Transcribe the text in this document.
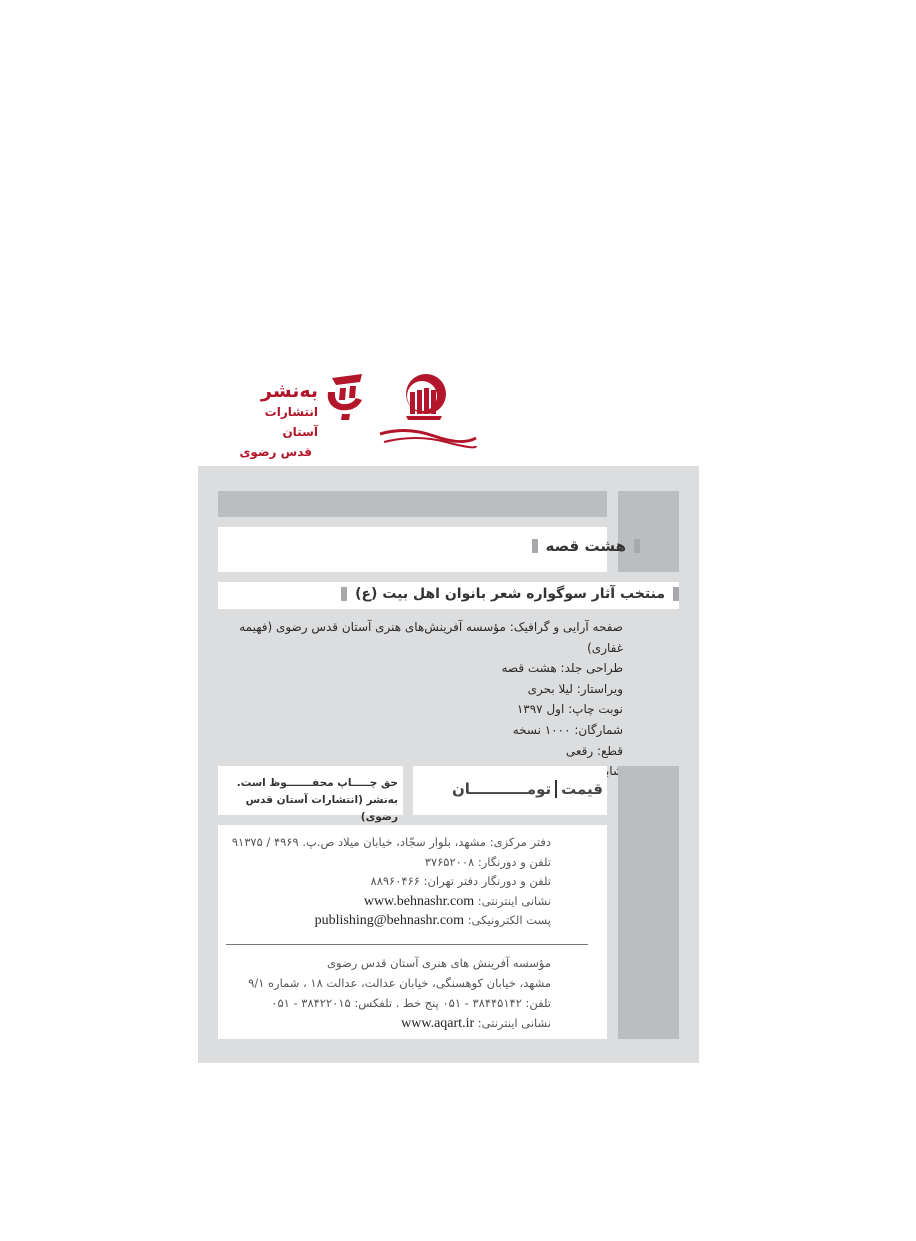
به‌نشر
انتشارات آستان
قدس رضوی
هشت قصه
منتخب آثار سوگواره شعر بانوان اهل بیت (ع)
صفحه آرایی و گرافیک: مؤسسه آفرینش‌های هنری آستان قدس رضوی (فهیمه غفاری)
طراحی جلد: هشت قصه
ویراستار: لیلا بحری
نوبت چاپ: اول ۱۳۹۷
شمارگان: ۱۰۰۰ نسخه
قطع: رقعی
شابک:
قیمت
تومـــــــــــان
حق چـــــاپ محفـــــــوظ است.
به‌نشر (انتشارات آستان قدس رضوی)
دفتر مرکزی: مشهد، بلوار سجّاد، خیابان میلاد ص.پ. ۴۹۶۹ / ۹۱۳۷۵
تلفن و دورنگار: ۳۷۶۵۲۰۰۸
تلفن و دورنگار دفتر تهران: ۸۸۹۶۰۴۶۶
نشانی اینترنتی: www.behnashr.com
پست الکترونیکی: publishing@behnashr.com
مؤسسه آفرینش های هنری آستان قدس رضوی
مشهد، خیابان کوهسنگی، خیابان عدالت، عدالت ۱۸ ، شماره ۹/۱
تلفن: ۳۸۴۴۵۱۴۲ - ۰۵۱ پنج خط . تلفکس: ۳۸۴۲۲۰۱۵ - ۰۵۱
نشانی اینترنتی: www.aqart.ir
